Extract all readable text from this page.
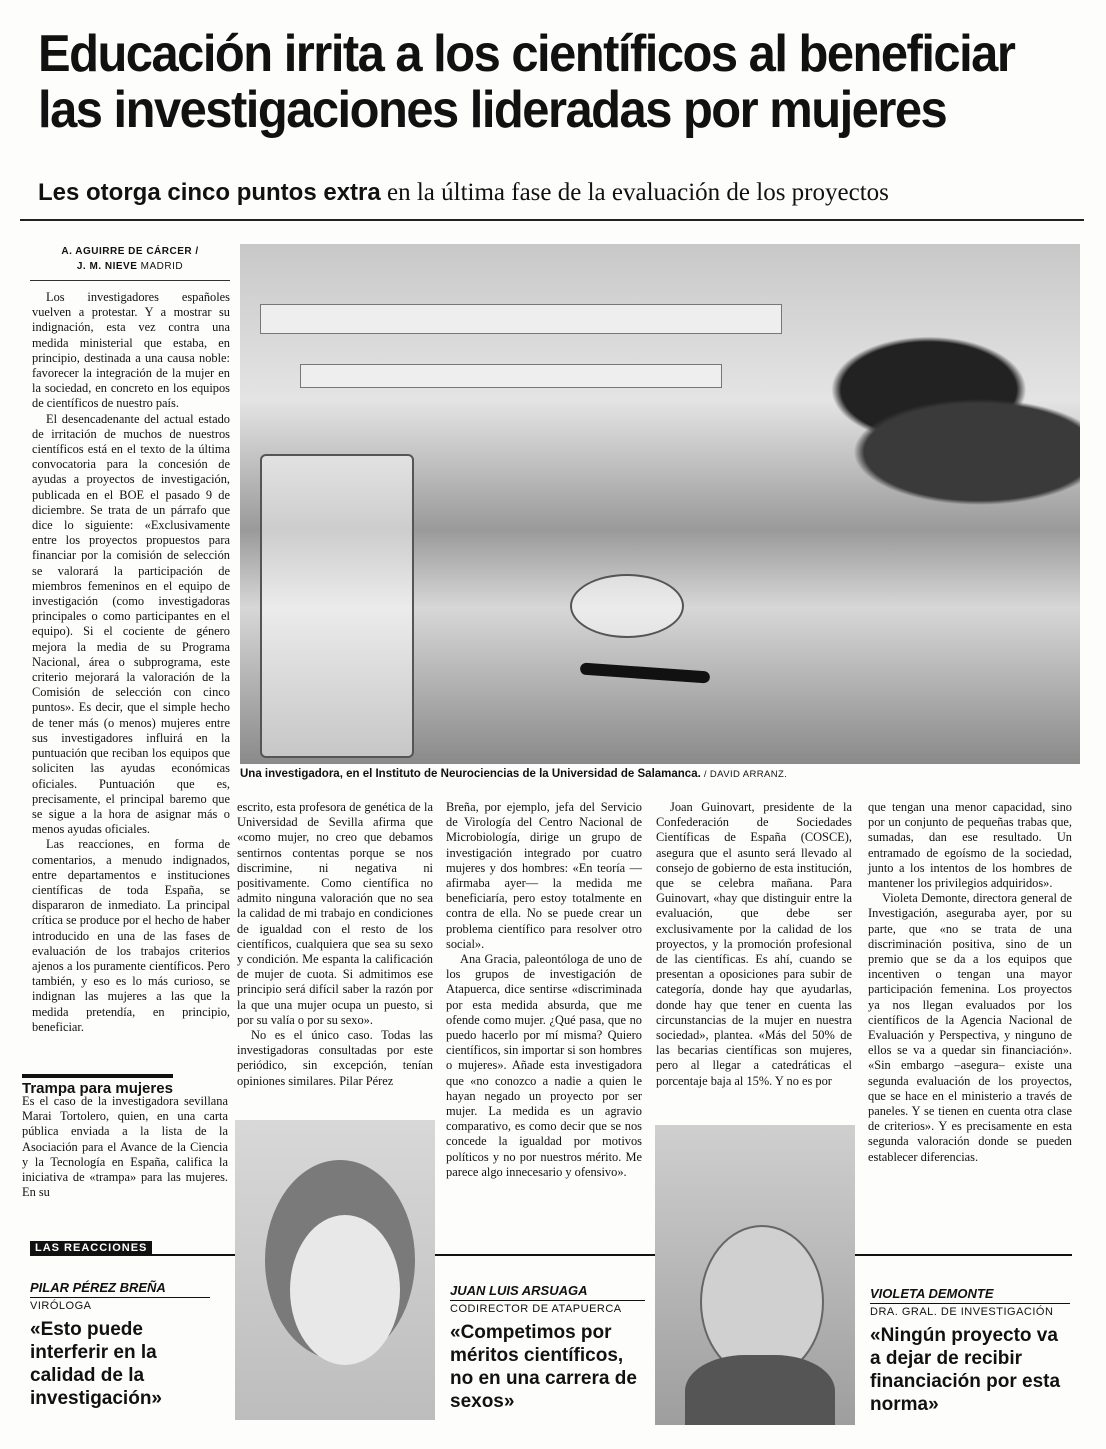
Educación irrita a los científicos al beneficiar las investigaciones lideradas por mujeres
Les otorga cinco puntos extra en la última fase de la evaluación de los proyectos
A. AGUIRRE DE CÁRCER /
J. M. NIEVE MADRID
Una investigadora, en el Instituto de Neurociencias de la Universidad de Salamanca. / DAVID ARRANZ.

Los investigadores españoles vuelven a protestar. Y a mostrar su indignación, esta vez contra una medida ministerial que estaba, en principio, destinada a una causa noble: favorecer la integración de la mujer en la sociedad, en concreto en los equipos de científicos de nuestro país.

El desencadenante del actual estado de irritación de muchos de nuestros científicos está en el texto de la última convocatoria para la concesión de ayudas a proyectos de investigación, publicada en el BOE el pasado 9 de diciembre. Se trata de un párrafo que dice lo siguiente: «Exclusivamente entre los proyectos propuestos para financiar por la comisión de selección se valorará la participación de miembros femeninos en el equipo de investigación (como investigadoras principales o como participantes en el equipo). Si el cociente de género mejora la media de su Programa Nacional, área o subprograma, este criterio mejorará la valoración de la Comisión de selección con cinco puntos». Es decir, que el simple hecho de tener más (o menos) mujeres entre sus investigadores influirá en la puntuación que reciban los equipos que soliciten las ayudas económicas oficiales. Puntuación que es, precisamente, el principal baremo que se sigue a la hora de asignar más o menos ayudas oficiales.

Las reacciones, en forma de comentarios, a menudo indignados, entre departamentos e instituciones científicas de toda España, se dispararon de inmediato. La principal crítica se produce por el hecho de haber introducido en una de las fases de evaluación de los trabajos criterios ajenos a los puramente científicos. Pero también, y eso es lo más curioso, se indignan las mujeres a las que la medida pretendía, en principio, beneficiar.

Trampa para mujeres

Es el caso de la investigadora sevillana Marai Tortolero, quien, en una carta pública enviada a la lista de la Asociación para el Avance de la Ciencia y la Tecnología en España, califica la iniciativa de «trampa» para las mujeres. En su

escrito, esta profesora de genética de la Universidad de Sevilla afirma que «como mujer, no creo que debamos sentirnos contentas porque se nos discrimine, ni negativa ni positivamente. Como científica no admito ninguna valoración que no sea la calidad de mi trabajo en condiciones de igualdad con el resto de los científicos, cualquiera que sea su sexo y condición. Me espanta la calificación de mujer de cuota. Si admitimos ese principio será difícil saber la razón por la que una mujer ocupa un puesto, si por su valía o por su sexo».

No es el único caso. Todas las investigadoras consultadas por este periódico, sin excepción, tenían opiniones similares. Pilar Pérez

Breña, por ejemplo, jefa del Servicio de Virología del Centro Nacional de Microbiología, dirige un grupo de investigación integrado por cuatro mujeres y dos hombres: «En teoría —afirmaba ayer— la medida me beneficiaría, pero estoy totalmente en contra de ella. No se puede crear un problema científico para resolver otro social».

Ana Gracia, paleontóloga de uno de los grupos de investigación de Atapuerca, dice sentirse «discriminada por esta medida absurda, que me ofende como mujer. ¿Qué pasa, que no puedo hacerlo por mí misma? Quiero científicos, sin importar si son hombres o mujeres». Añade esta investigadora que «no conozco a nadie a quien le hayan negado un proyecto por ser mujer. La medida es un agravio comparativo, es como decir que se nos concede la igualdad por motivos políticos y no por nuestros mérito. Me parece algo innecesario y ofensivo».

Joan Guinovart, presidente de la Confederación de Sociedades Científicas de España (COSCE), asegura que el asunto será llevado al consejo de gobierno de esta institución, que se celebra mañana. Para Guinovart, «hay que distinguir entre la evaluación, que debe ser exclusivamente por la calidad de los proyectos, y la promoción profesional de las científicas. Es ahí, cuando se presentan a oposiciones para subir de categoría, donde hay que ayudarlas, donde hay que tener en cuenta las circunstancias de la mujer en nuestra sociedad», plantea. «Más del 50% de las becarias científicas son mujeres, pero al llegar a catedráticas el porcentaje baja al 15%. Y no es por

que tengan una menor capacidad, sino por un conjunto de pequeñas trabas que, sumadas, dan ese resultado. Un entramado de egoísmo de la sociedad, junto a los intentos de los hombres de mantener los privilegios adquiridos».

Violeta Demonte, directora general de Investigación, aseguraba ayer, por su parte, que «no se trata de una discriminación positiva, sino de un premio que se da a los equipos que incentiven o tengan una mayor participación femenina. Los proyectos ya nos llegan evaluados por los científicos de la Agencia Nacional de Evaluación y Perspectiva, y ninguno de ellos se va a quedar sin financiación». «Sin embargo –asegura– existe una segunda evaluación de los proyectos, que se hace en el ministerio a través de paneles. Y se tienen en cuenta otra clase de criterios». Y es precisamente en esta segunda valoración donde se pueden establecer diferencias.

LAS REACCIONES
PILAR PÉREZ BREÑA
VIRÓLOGA
«Esto puede interferir en la calidad de la investigación»
JUAN LUIS ARSUAGA
CODIRECTOR DE ATAPUERCA
«Competimos por méritos científicos, no en una carrera de sexos»
VIOLETA DEMONTE
DRA. GRAL. DE INVESTIGACIÓN
«Ningún proyecto va a dejar de recibir financiación por esta norma»
